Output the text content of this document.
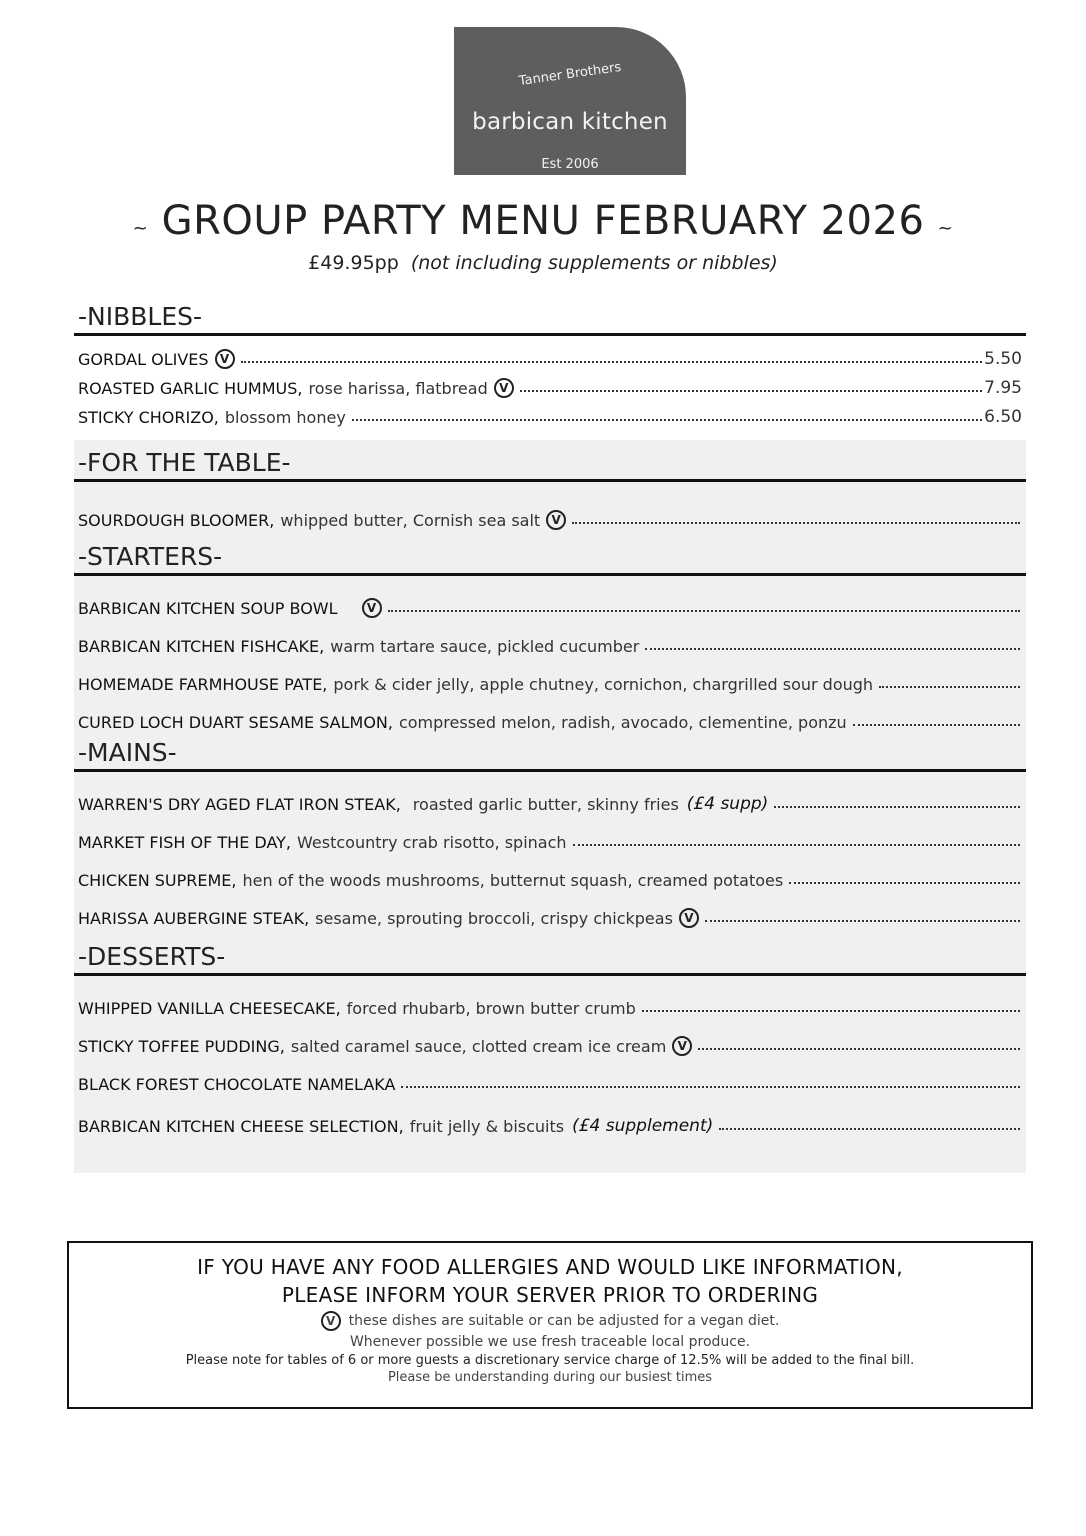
Tanner Brothers
barbican kitchen
Est 2006
~ GROUP PARTY MENU FEBRUARY 2026 ~
£49.95pp (not including supplements or nibbles)
-NIBBLES-
GORDAL OLIVES V	5.50
ROASTED GARLIC HUMMUS, rose harissa, flatbread V	7.95
STICKY CHORIZO, blossom honey	6.50
-FOR THE TABLE-
SOURDOUGH BLOOMER, whipped butter, Cornish sea salt V
-STARTERS-
BARBICAN KITCHEN SOUP BOWL	V
BARBICAN KITCHEN FISHCAKE, warm tartare sauce, pickled cucumber
HOMEMADE FARMHOUSE PATE, pork & cider jelly, apple chutney, cornichon, chargrilled sour dough
CURED LOCH DUART SESAME SALMON, compressed melon, radish, avocado, clementine, ponzu
-MAINS-
WARREN'S DRY AGED FLAT IRON STEAK, roasted garlic butter, skinny fries (£4 supp)
MARKET FISH OF THE DAY, Westcountry crab risotto, spinach
CHICKEN SUPREME, hen of the woods mushrooms, butternut squash, creamed potatoes
HARISSA AUBERGINE STEAK, sesame, sprouting broccoli, crispy chickpeas V
-DESSERTS-
WHIPPED VANILLA CHEESECAKE, forced rhubarb, brown butter crumb
STICKY TOFFEE PUDDING, salted caramel sauce, clotted cream ice cream V
BLACK FOREST CHOCOLATE NAMELAKA
BARBICAN KITCHEN CHEESE SELECTION, fruit jelly & biscuits (£4 supplement)
IF YOU HAVE ANY FOOD ALLERGIES AND WOULD LIKE INFORMATION,
PLEASE INFORM YOUR SERVER PRIOR TO ORDERING
V these dishes are suitable or can be adjusted for a vegan diet.
Whenever possible we use fresh traceable local produce.
Please note for tables of 6 or more guests a discretionary service charge of 12.5% will be added to the final bill.
Please be understanding during our busiest times
